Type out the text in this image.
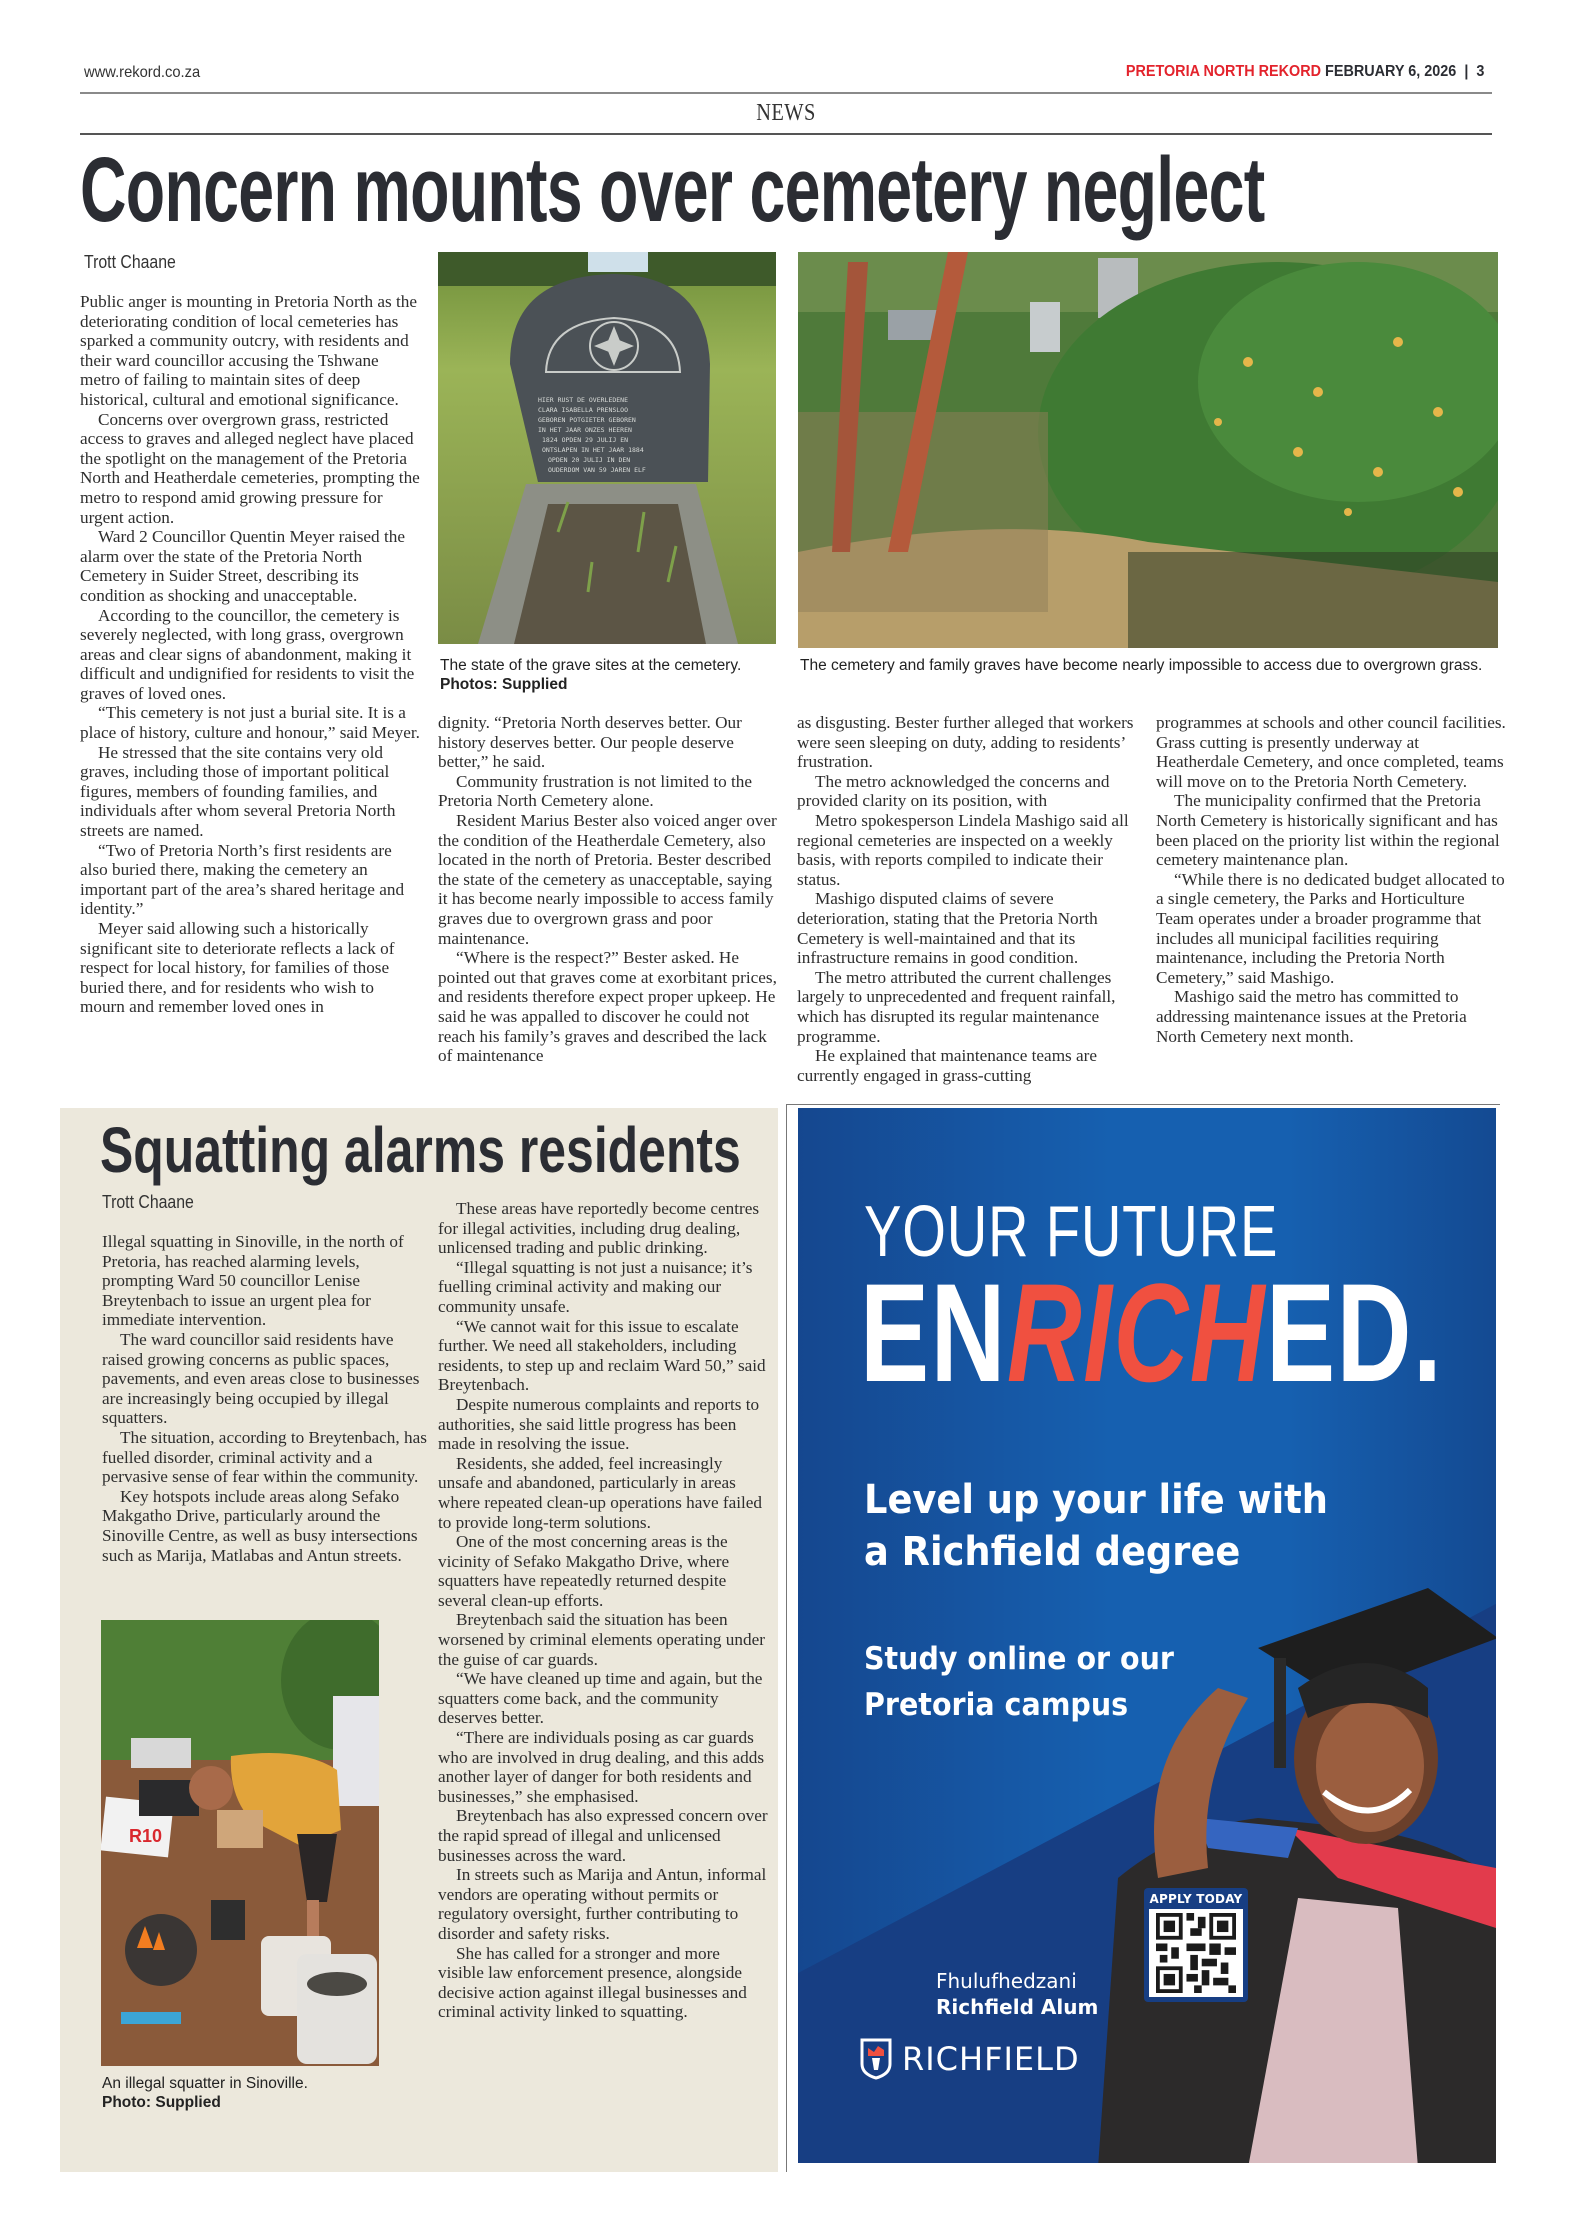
www.rekord.co.za	PRETORIA NORTH REKORD FEBRUARY 6, 2026 | 3
NEWS
Concern mounts over cemetery neglect
Trott Chaane
HIER RUST DE OVERLEDENE
CLARA ISABELLA PRENSLOO
GEBOREN POTGIETER GEBOREN
IN HET JAAR ONZES HEEREN
1824 OPDEN 29 JULIJ EN
ONTSLAPEN IN HET JAAR 1884
OPDEN 20 JULIJ IN DEN
OUDERDOM VAN 59 JAREN ELF
The state of the grave sites at the cemetery.
Photos: Supplied
The cemetery and family graves have become nearly impossible to access due to overgrown grass.

Public anger is mounting in Pretoria North as the deteriorating condition of local cemeteries has sparked a community outcry, with residents and their ward councillor accusing the Tshwane metro of failing to maintain sites of deep historical, cultural and emotional significance.

Concerns over overgrown grass, restricted access to graves and alleged neglect have placed the spotlight on the management of the Pretoria North and Heatherdale cemeteries, prompting the metro to respond amid growing pressure for urgent action.

Ward 2 Councillor Quentin Meyer raised the alarm over the state of the Pretoria North Cemetery in Suider Street, describing its condition as shocking and unacceptable.

According to the councillor, the cemetery is severely neglected, with long grass, overgrown areas and clear signs of abandonment, making it difficult and undignified for residents to visit the graves of loved ones.

“This cemetery is not just a burial site. It is a place of history, culture and honour,” said Meyer.

He stressed that the site contains very old graves, including those of important political figures, members of founding families, and individuals after whom several Pretoria North streets are named.

“Two of Pretoria North’s first residents are also buried there, making the cemetery an important part of the area’s shared heritage and identity.”

Meyer said allowing such a historically significant site to deteriorate reflects a lack of respect for local history, for families of those buried there, and for residents who wish to mourn and remember loved ones in

dignity. “Pretoria North deserves better. Our history deserves better. Our people deserve better,” he said.

Community frustration is not limited to the Pretoria North Cemetery alone.

Resident Marius Bester also voiced anger over the condition of the Heatherdale Cemetery, also located in the north of Pretoria. Bester described the state of the cemetery as unacceptable, saying it has become nearly impossible to access family graves due to overgrown grass and poor maintenance.

“Where is the respect?” Bester asked. He pointed out that graves come at exorbitant prices, and residents therefore expect proper upkeep. He said he was appalled to discover he could not reach his family’s graves and described the lack of maintenance

as disgusting. Bester further alleged that workers were seen sleeping on duty, adding to residents’ frustration.

The metro acknowledged the concerns and provided clarity on its position, with

Metro spokesperson Lindela Mashigo said all regional cemeteries are inspected on a weekly basis, with reports compiled to indicate their status.

Mashigo disputed claims of severe deterioration, stating that the Pretoria North Cemetery is well-maintained and that its infrastructure remains in good condition.

The metro attributed the current challenges largely to unprecedented and frequent rainfall, which has disrupted its regular maintenance programme.

He explained that maintenance teams are currently engaged in grass-cutting

programmes at schools and other council facilities. Grass cutting is presently underway at Heatherdale Cemetery, and once completed, teams will move on to the Pretoria North Cemetery.

The municipality confirmed that the Pretoria North Cemetery is historically significant and has been placed on the priority list within the regional cemetery maintenance plan.

“While there is no dedicated budget allocated to a single cemetery, the Parks and Horticulture Team operates under a broader programme that includes all municipal facilities requiring maintenance, including the Pretoria North Cemetery,” said Mashigo.

Mashigo said the metro has committed to addressing maintenance issues at the Pretoria North Cemetery next month.

Squatting alarms residents
Trott Chaane

Illegal squatting in Sinoville, in the north of Pretoria, has reached alarming levels, prompting Ward 50 councillor Lenise Breytenbach to issue an urgent plea for immediate intervention.

The ward councillor said residents have raised growing concerns as public spaces, pavements, and even areas close to businesses are increasingly being occupied by illegal squatters.

The situation, according to Breytenbach, has fuelled disorder, criminal activity and a pervasive sense of fear within the community.

Key hotspots include areas along Sefako Makgatho Drive, particularly around the Sinoville Centre, as well as busy intersections such as Marija, Matlabas and Antun streets.

R10
An illegal squatter in Sinoville.
Photo: Supplied

These areas have reportedly become centres for illegal activities, including drug dealing, unlicensed trading and public drinking.

“Illegal squatting is not just a nuisance; it’s fuelling criminal activity and making our community unsafe.

“We cannot wait for this issue to escalate further. We need all stakeholders, including residents, to step up and reclaim Ward 50,” said Breytenbach.

Despite numerous complaints and reports to authorities, she said little progress has been made in resolving the issue.

Residents, she added, feel increasingly unsafe and abandoned, particularly in areas where repeated clean-up operations have failed to provide long-term solutions.

One of the most concerning areas is the vicinity of Sefako Makgatho Drive, where squatters have repeatedly returned despite several clean-up efforts.

Breytenbach said the situation has been worsened by criminal elements operating under the guise of car guards.

“We have cleaned up time and again, but the squatters come back, and the community deserves better.

“There are individuals posing as car guards who are involved in drug dealing, and this adds another layer of danger for both residents and businesses,” she emphasised.

Breytenbach has also expressed concern over the rapid spread of illegal and unlicensed businesses across the ward.

In streets such as Marija and Antun, informal vendors are operating without permits or regulatory oversight, further contributing to disorder and safety risks.

She has called for a stronger and more visible law enforcement presence, alongside decisive action against illegal businesses and criminal activity linked to squatting.

YOUR FUTURE
ENRICHED.
Level up your life with
a Richfield degree
Study online or our
Pretoria campus
APPLY TODAY
Fhulufhedzani
Richfield Alum
RICHFIELD
